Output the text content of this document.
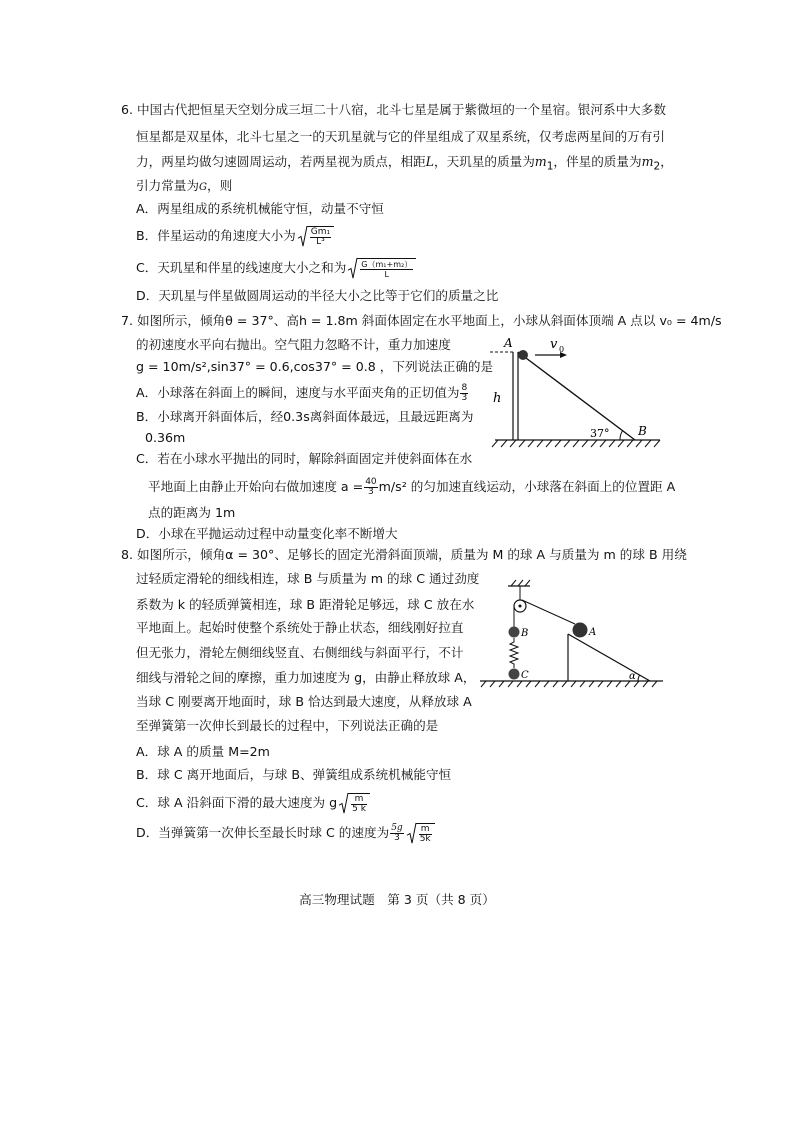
6. 中国古代把恒星天空划分成三垣二十八宿，北斗七星是属于紫微垣的一个星宿。银河系中大多数
恒星都是双星体，北斗七星之一的天玑星就与它的伴星组成了双星系统，仅考虑两星间的万有引
力，两星均做匀速圆周运动，若两星视为质点，相距L，天玑星的质量为$m_1$，伴星的质量为$m_2$，
引力常量为G，则
A．两星组成的系统机械能守恒，动量不守恒
B．伴星运动的角速度大小为 $\frac{\text{Gm₁}}{\text{L³}}$
C．天玑星和伴星的线速度大小之和为 $\frac{\text{G（m₁+m₂）}}{L}$
D．天玑星与伴星做圆周运动的半径大小之比等于它们的质量之比
7. 如图所示，倾角θ = 37°、高h = 1.8m 斜面体固定在水平地面上，小球从斜面体顶端 A 点以 v₀ = 4m/s
的初速度水平向右抛出。空气阻力忽略不计，重力加速度
g = 10m/s²,sin37° = 0.6,cos37° = 0.8 ，下列说法正确的是
A．小球落在斜面上的瞬间，速度与水平面夹角的正切值为 $\frac{8}{3}$
B．小球离开斜面体后，经0.3s离斜面体最远，且最远距离为
0.36m
C．若在小球水平抛出的同时，解除斜面固定并使斜面体在水
平地面上由静止开始向右做加速度 $a = \frac{40}{3} m/s^2$ 的匀加速直线运动，小球落在斜面上的位置距 A
点的距离为 1m
D．小球在平抛运动过程中动量变化率不断增大
A	v 0
h
37° B
8. 如图所示，倾角α = 30°、足够长的固定光滑斜面顶端，质量为 M 的球 A 与质量为 m 的球 B 用绕
过轻质定滑轮的细线相连，球 B 与质量为 m 的球 C 通过劲度
系数为 k 的轻质弹簧相连，球 B 距滑轮足够远，球 C 放在水
平地面上。起始时使整个系统处于静止状态，细线刚好拉直
但无张力，滑轮左侧细线竖直、右侧细线与斜面平行，不计
细线与滑轮之间的摩擦，重力加速度为 g，由静止释放球 A，
当球 C 刚要离开地面时，球 B 恰达到最大速度，从释放球 A
至弹簧第一次伸长到最长的过程中，下列说法正确的是
A．球 A 的质量 M=2m
B．球 C 离开地面后，与球 B、弹簧组成系统机械能守恒
C．球 A 沿斜面下滑的最大速度为 g $\frac{m}{5 k}$
D．当弹簧第一次伸长至最长时球 C 的速度为 $\frac{5g}{3} \frac{m}{5k}$
B
C
A
α
高三物理试题　第 3 页（共 8 页）
